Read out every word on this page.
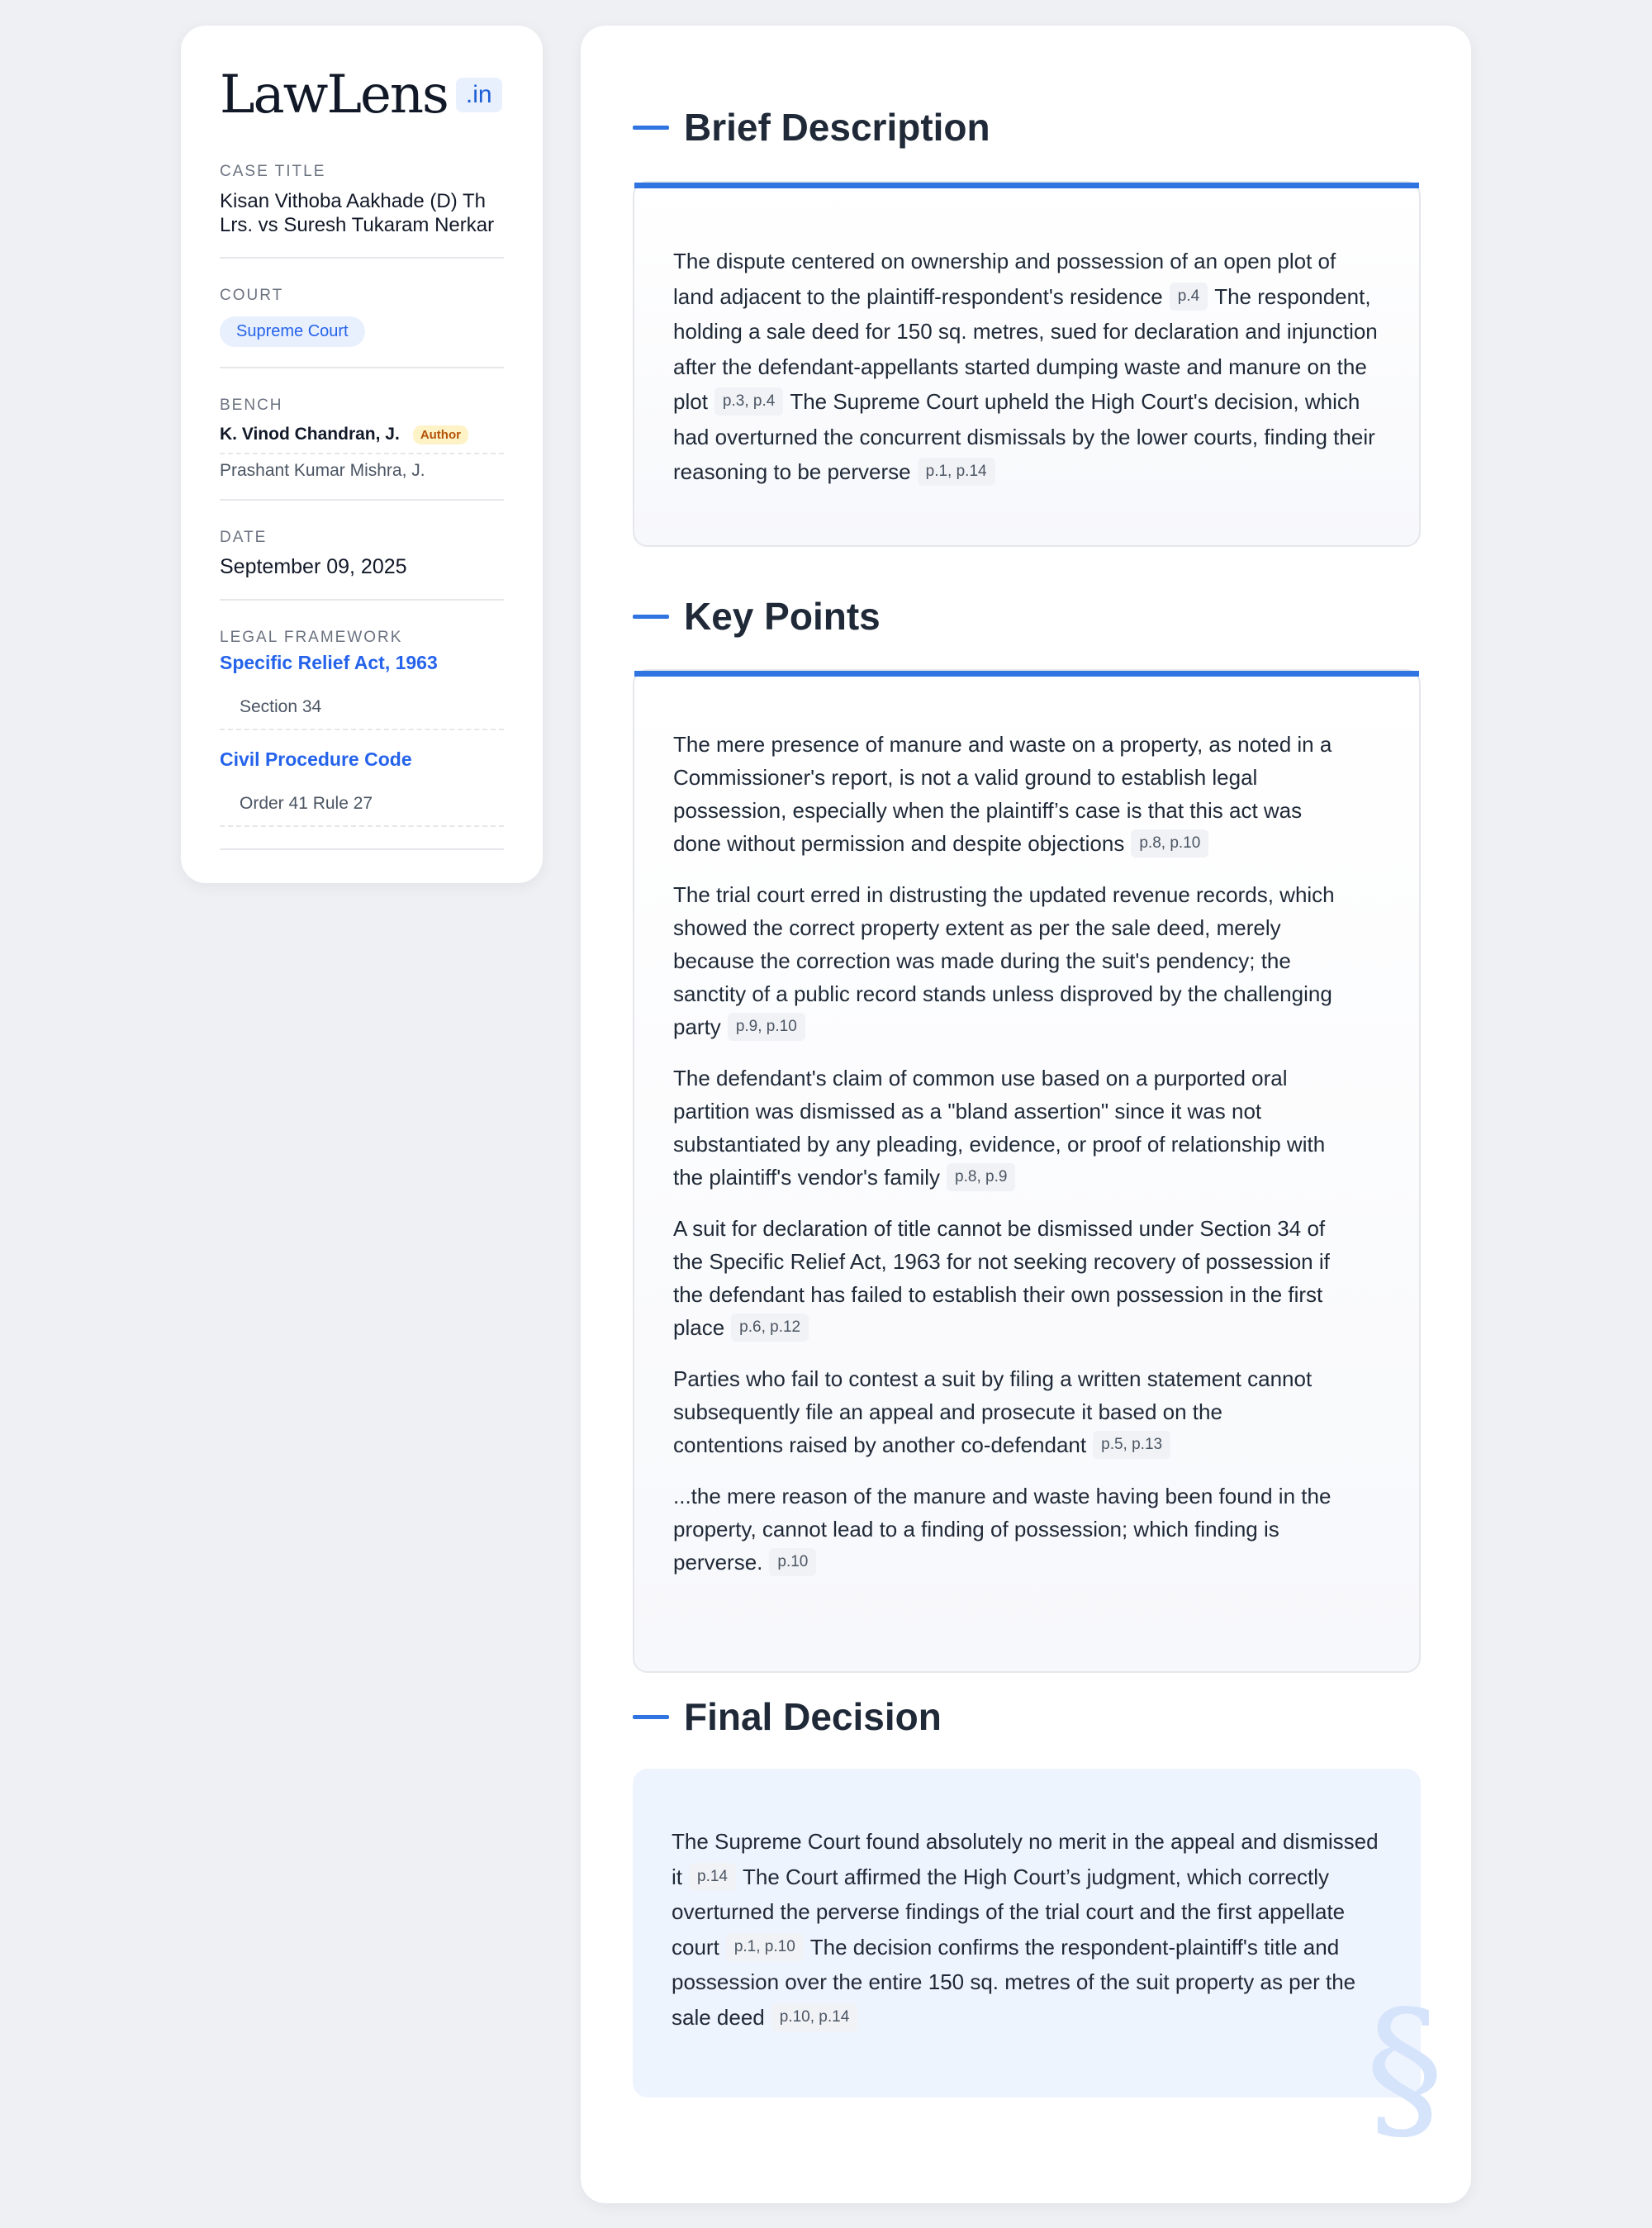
LawLens .in
CASE TITLE
Kisan Vithoba Aakhade (D) Th Lrs. vs Suresh Tukaram Nerkar
COURT
Supreme Court
BENCH
K. Vinod Chandran, J.	Author
Prashant Kumar Mishra, J.
DATE
September 09, 2025
LEGAL FRAMEWORK
Specific Relief Act, 1963
Section 34
Civil Procedure Code
Order 41 Rule 27
Brief Description
The dispute centered on ownership and possession of an open plot of land adjacent to the plaintiff-respondent's residence p.4 The respondent, holding a sale deed for 150 sq. metres, sued for declaration and injunction after the defendant-appellants started dumping waste and manure on the plot p.3, p.4 The Supreme Court upheld the High Court's decision, which had overturned the concurrent dismissals by the lower courts, finding their reasoning to be perverse p.1, p.14
Key Points
The mere presence of manure and waste on a property, as noted in a Commissioner's report, is not a valid ground to establish legal possession, especially when the plaintiff’s case is that this act was done without permission and despite objections p.8, p.10
The trial court erred in distrusting the updated revenue records, which showed the correct property extent as per the sale deed, merely because the correction was made during the suit's pendency; the sanctity of a public record stands unless disproved by the challenging party p.9, p.10
The defendant's claim of common use based on a purported oral partition was dismissed as a "bland assertion" since it was not substantiated by any pleading, evidence, or proof of relationship with the plaintiff's vendor's family p.8, p.9
A suit for declaration of title cannot be dismissed under Section 34 of the Specific Relief Act, 1963 for not seeking recovery of possession if the defendant has failed to establish their own possession in the first place p.6, p.12
Parties who fail to contest a suit by filing a written statement cannot subsequently file an appeal and prosecute it based on the contentions raised by another co-defendant p.5, p.13
...the mere reason of the manure and waste having been found in the property, cannot lead to a finding of possession; which finding is perverse. p.10
Final Decision
The Supreme Court found absolutely no merit in the appeal and dismissed it p.14 The Court affirmed the High Court’s judgment, which correctly overturned the perverse findings of the trial court and the first appellate court p.1, p.10 The decision confirms the respondent-plaintiff's title and possession over the entire 150 sq. metres of the suit property as per the sale deed p.10, p.14	§
